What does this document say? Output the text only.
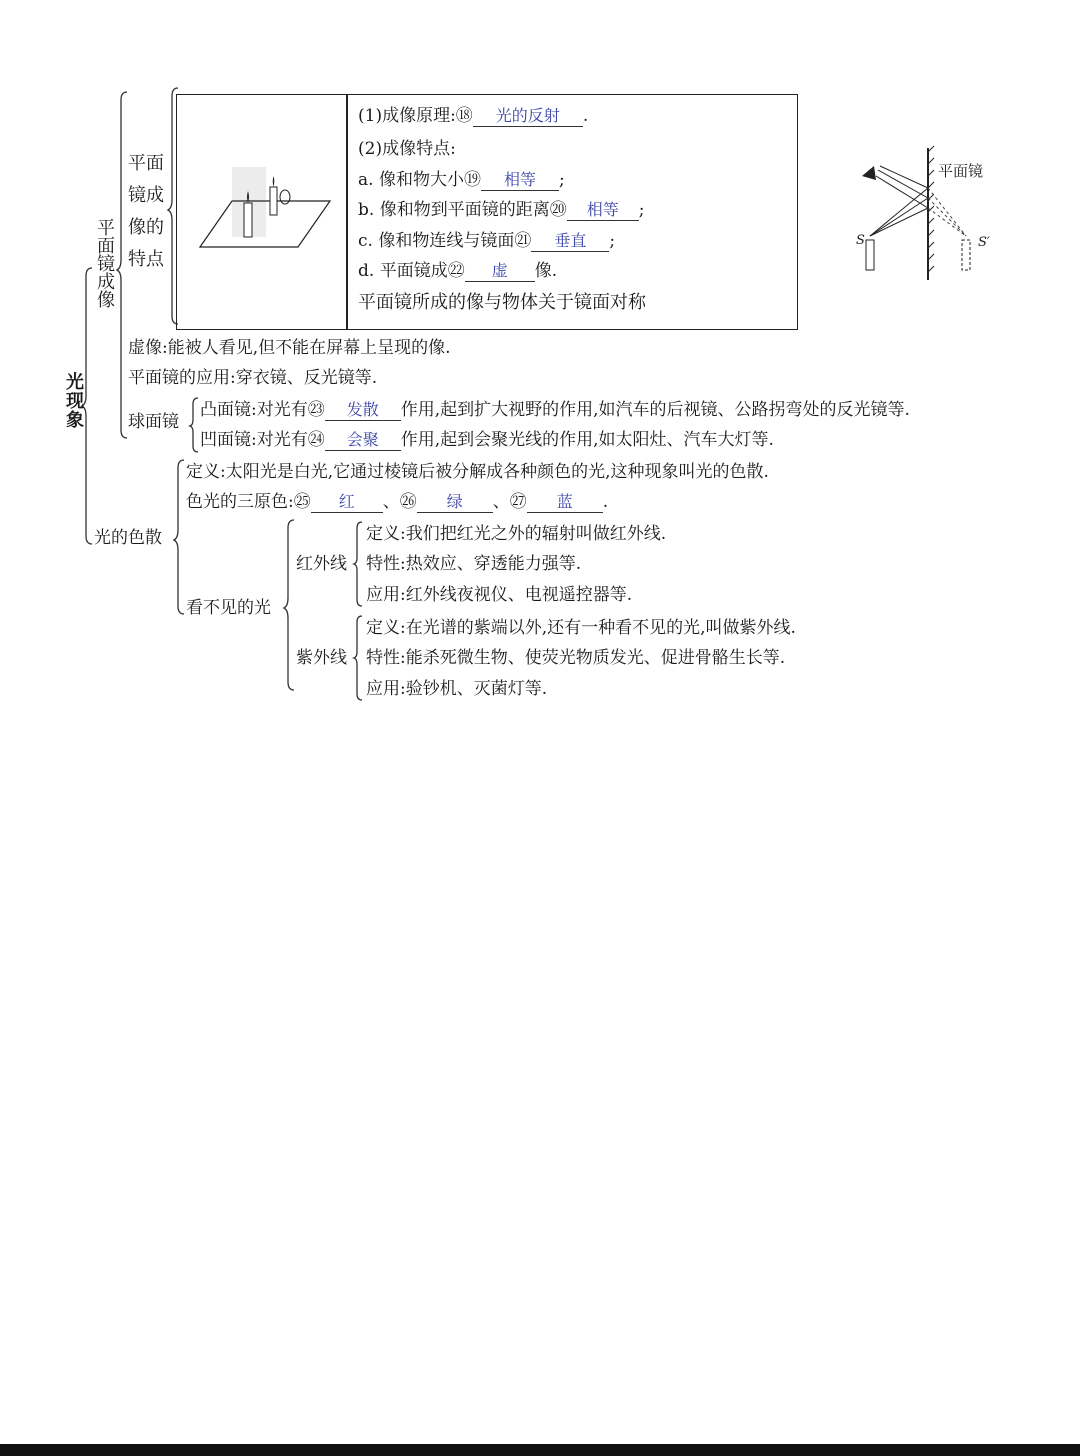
光现象
平面镜成像
平面镜成像的特点
(1)成像原理:⑱ 光的反射 .
(2)成像特点:
a. 像和物大小⑲ 相等 ;
b. 像和物到平面镜的距离⑳ 相等 ;
c. 像和物连线与镜面㉑ 垂直 ;
d. 平面镜成㉒ 虚 像.
平面镜所成的像与物体关于镜面对称
S	S′
平面镜
虚像:能被人看见,但不能在屏幕上呈现的像.
平面镜的应用:穿衣镜、反光镜等.
球面镜
凸面镜:对光有㉓ 发散 作用,起到扩大视野的作用,如汽车的后视镜、公路拐弯处的反光镜等.
凹面镜:对光有㉔ 会聚 作用,起到会聚光线的作用,如太阳灶、汽车大灯等.
光的色散
定义:太阳光是白光,它通过棱镜后被分解成各种颜色的光,这种现象叫光的色散.
色光的三原色:㉕ 红 、㉖ 绿 、㉗ 蓝 .
看不见的光
红外线
定义:我们把红光之外的辐射叫做红外线.
特性:热效应、穿透能力强等.
应用:红外线夜视仪、电视遥控器等.
紫外线
定义:在光谱的紫端以外,还有一种看不见的光,叫做紫外线.
特性:能杀死微生物、使荧光物质发光、促进骨骼生长等.
应用:验钞机、灭菌灯等.
